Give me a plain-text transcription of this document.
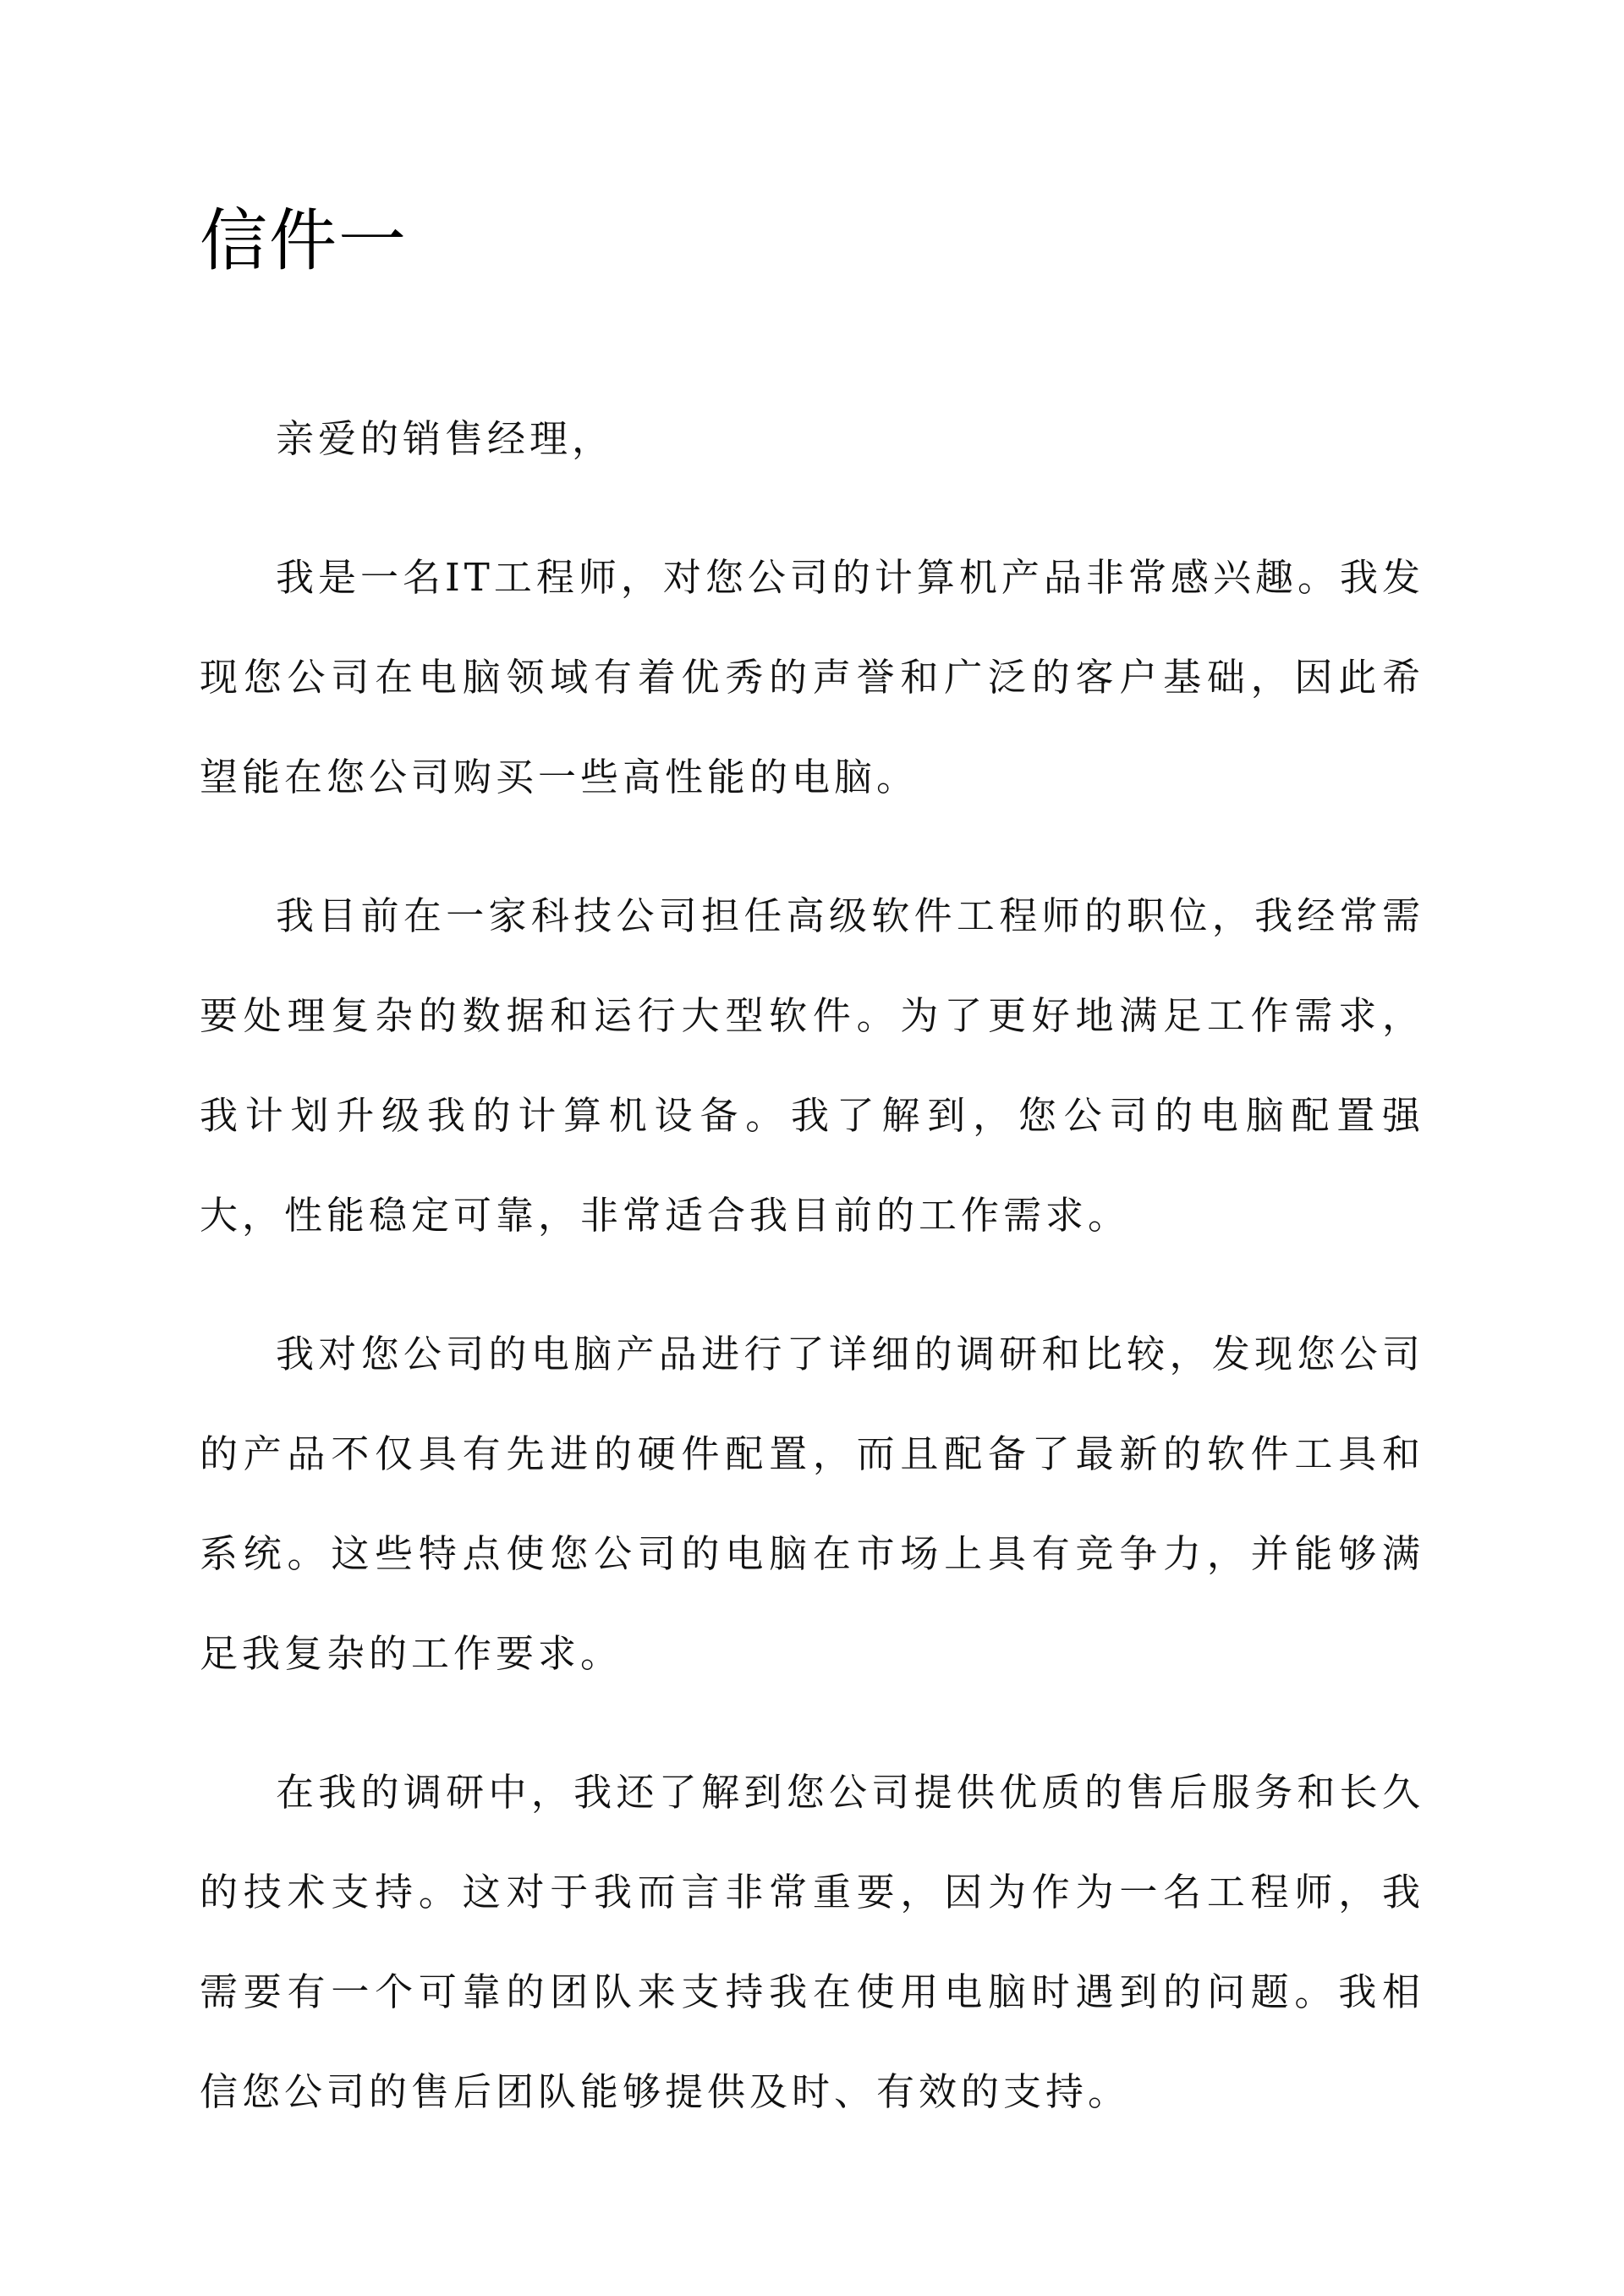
信件一

亲爱的销售经理，

我是一名IT工程师，对您公司的计算机产品非常感兴趣。我发现您公司在电脑领域有着优秀的声誉和广泛的客户基础，因此希望能在您公司购买一些高性能的电脑。

我目前在一家科技公司担任高级软件工程师的职位，我经常需要处理复杂的数据和运行大型软件。为了更好地满足工作需求，我计划升级我的计算机设备。我了解到，您公司的电脑配置强大，性能稳定可靠，非常适合我目前的工作需求。

我对您公司的电脑产品进行了详细的调研和比较，发现您公司的产品不仅具有先进的硬件配置，而且配备了最新的软件工具和系统。这些特点使您公司的电脑在市场上具有竞争力，并能够满足我复杂的工作要求。

在我的调研中，我还了解到您公司提供优质的售后服务和长久的技术支持。这对于我而言非常重要，因为作为一名工程师，我需要有一个可靠的团队来支持我在使用电脑时遇到的问题。我相信您公司的售后团队能够提供及时、有效的支持。
